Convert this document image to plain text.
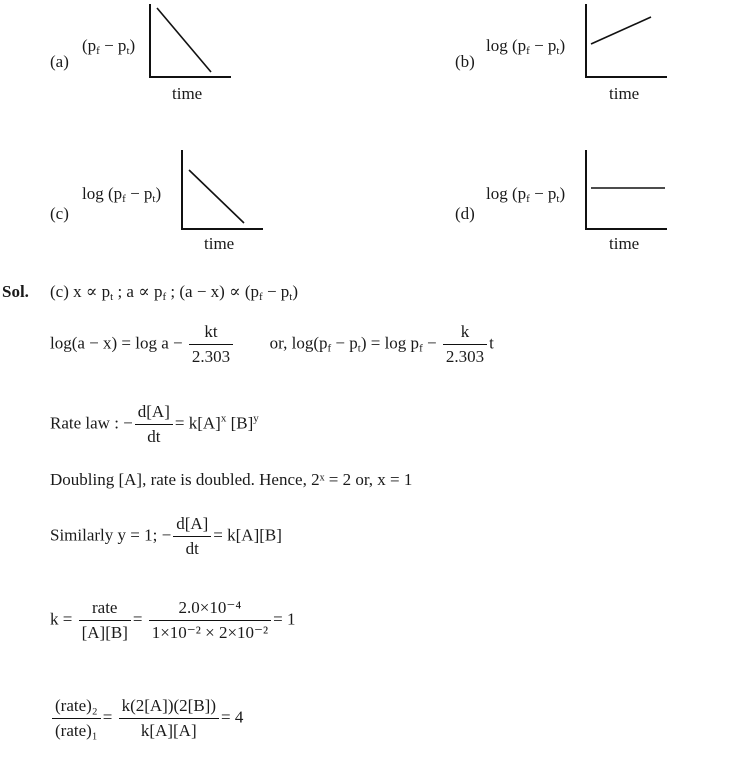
(a)
$(p_f - p_t)$
time
(b)
$\log (p_f - p_t)$
time
(c)
$\log (p_f - p_t)$
time
(d)
$\log (p_f - p_t)$
time
Sol. (c) $x \propto p_t$ ; $a \propto p_f$ ; $(a - x) \propto (p_f - p_t)$
$\log(a - x) = \log a - \frac{kt}{2.303}$ or, $\log(p_f - p_t) = \log p_f - \frac{k}{2.303}$ t
Rate law : − $\frac{d[A]}{dt} = k[A]^x$ $[B]^y$
Doubling [A], rate is doubled. Hence, 2ˣ = 2 or, x = 1
Similarly y = 1; − $\frac{d[A]}{dt} = k[A][B]$
$k = \frac{\text{rate}}{[A][B]} = \frac{\text{2.0×10⁻⁴}}{\text{1×10⁻² × 2×10⁻²}} = 1$
$\frac{\text{(rate)₂}}{\text{(rate)₁}} = \frac{k(2[A])(2[B])}{k[A][A]} = 4$
